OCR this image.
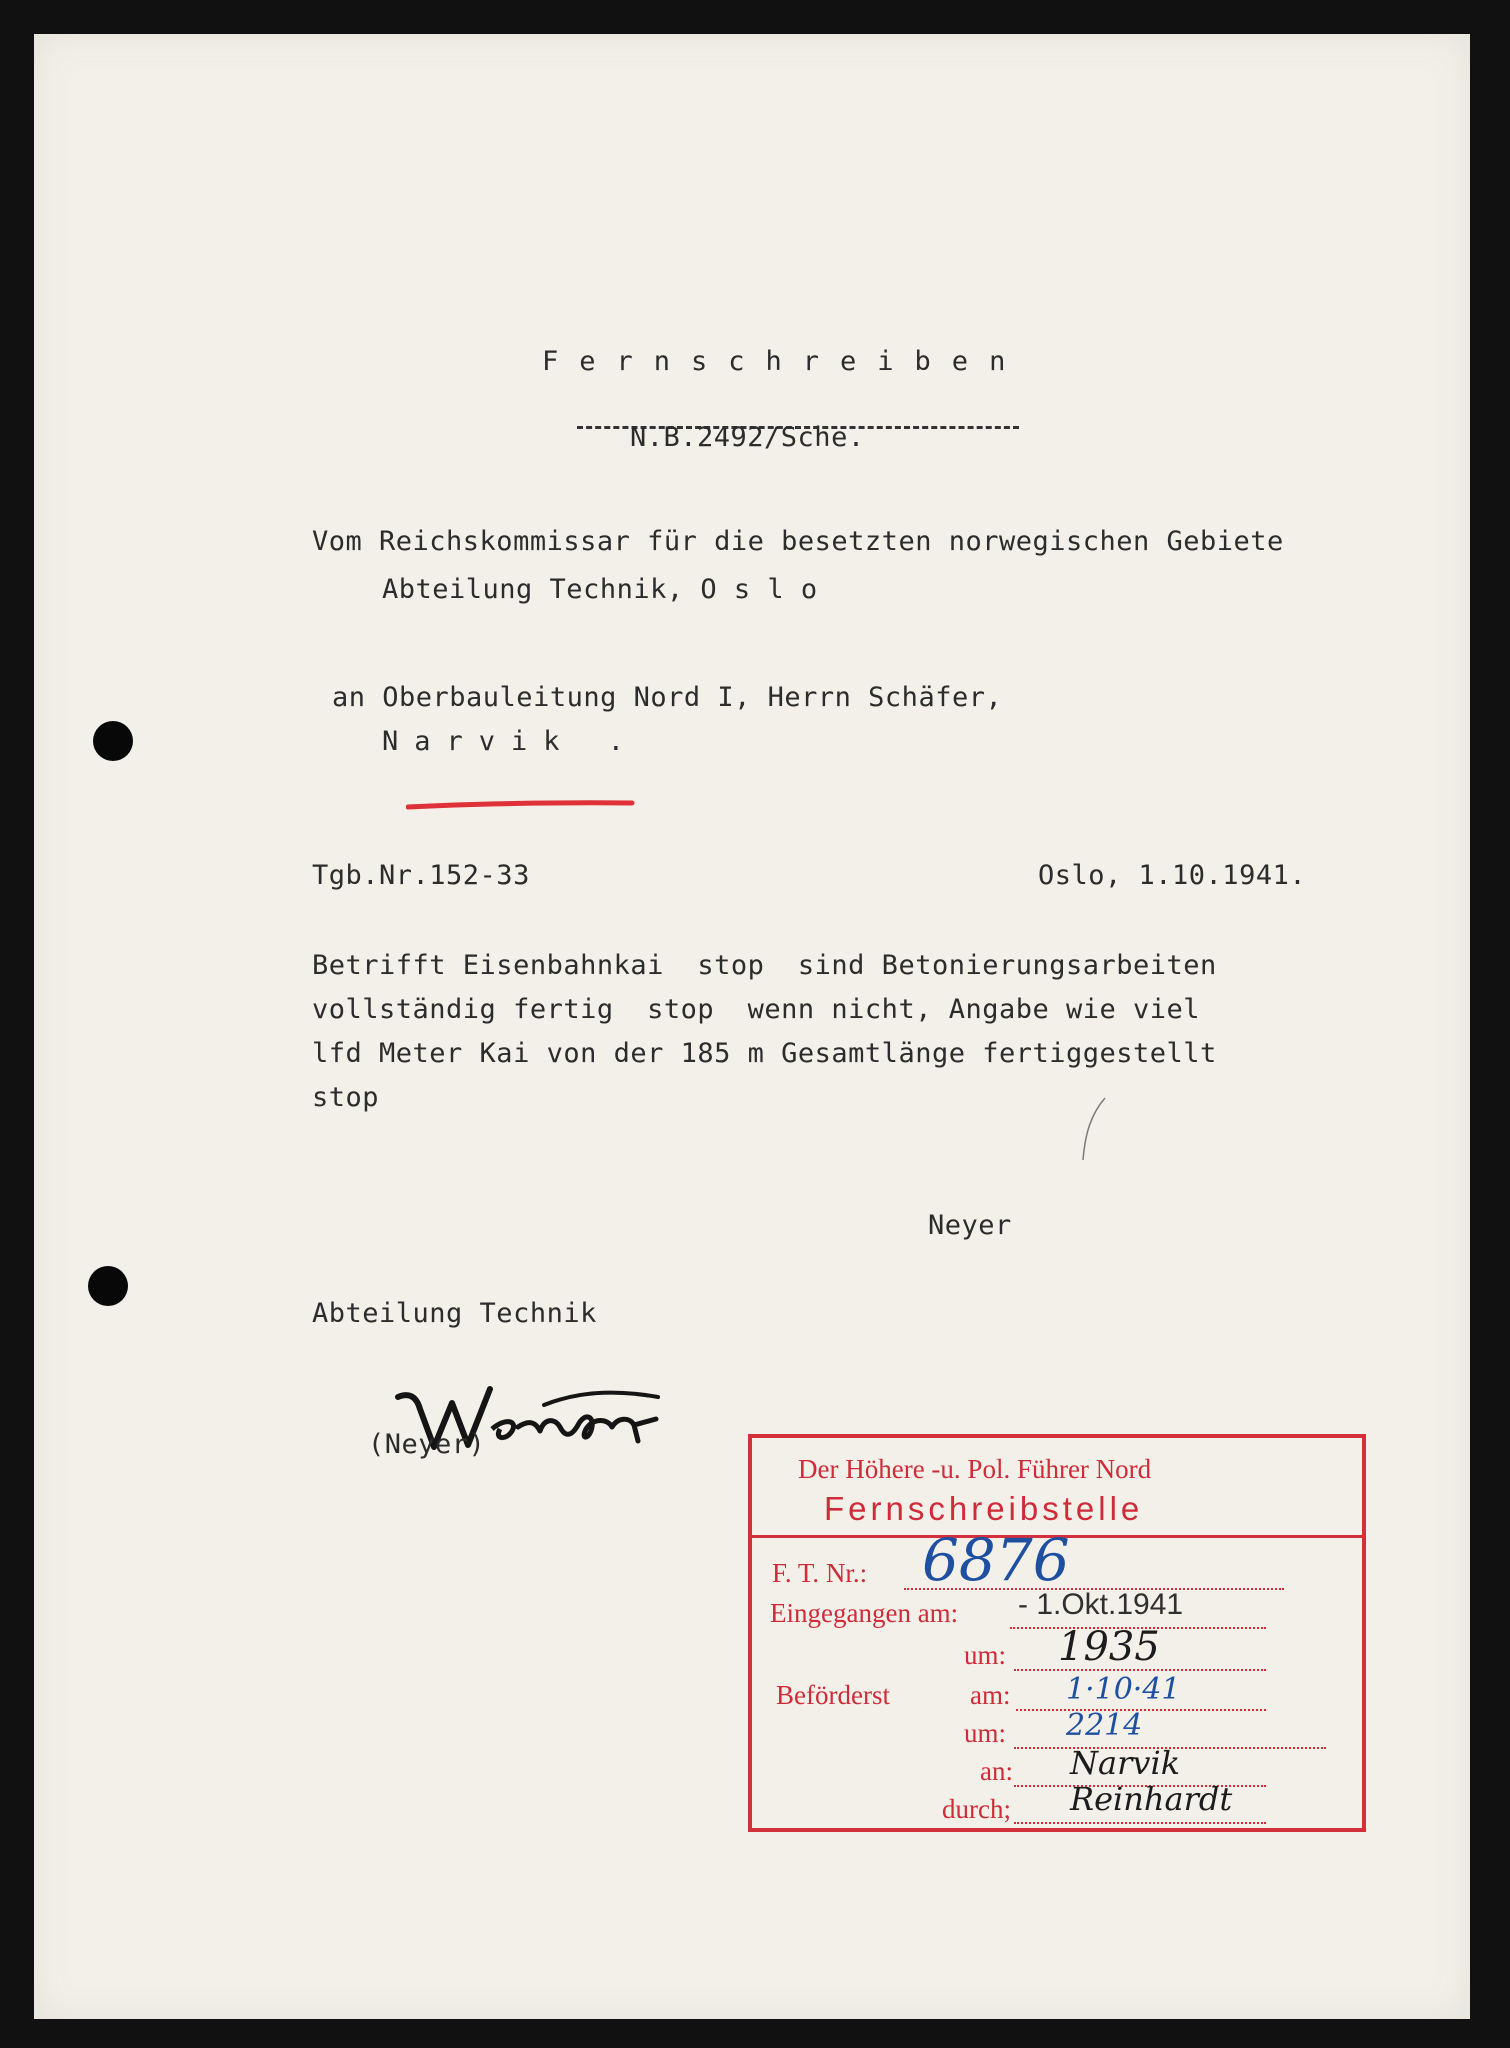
Fernschreiben
N.B.2492/Sche.
Vom Reichskommissar für die besetzten norwegischen Gebiete
Abteilung Technik, O s l o
an Oberbauleitung Nord I, Herrn Schäfer,
Narvik .
Tgb.Nr.152-33	Oslo, 1.10.1941.
Betrifft Eisenbahnkai  stop  sind Betonierungsarbeiten
vollständig fertig  stop  wenn nicht, Angabe wie viel
lfd Meter Kai von der 185 m Gesamtlänge fertiggestellt
stop
Neyer
Abteilung Technik
(Neyer)
Der Höhere -u. Pol. Führer Nord
Fernschreibstelle
F. T. Nr.: 6876
Eingegangen am: - 1.Okt.1941
um: 1935
Beförderst	am: 1·10·41
um: 2214
an: Narvik
durch; Reinhardt
